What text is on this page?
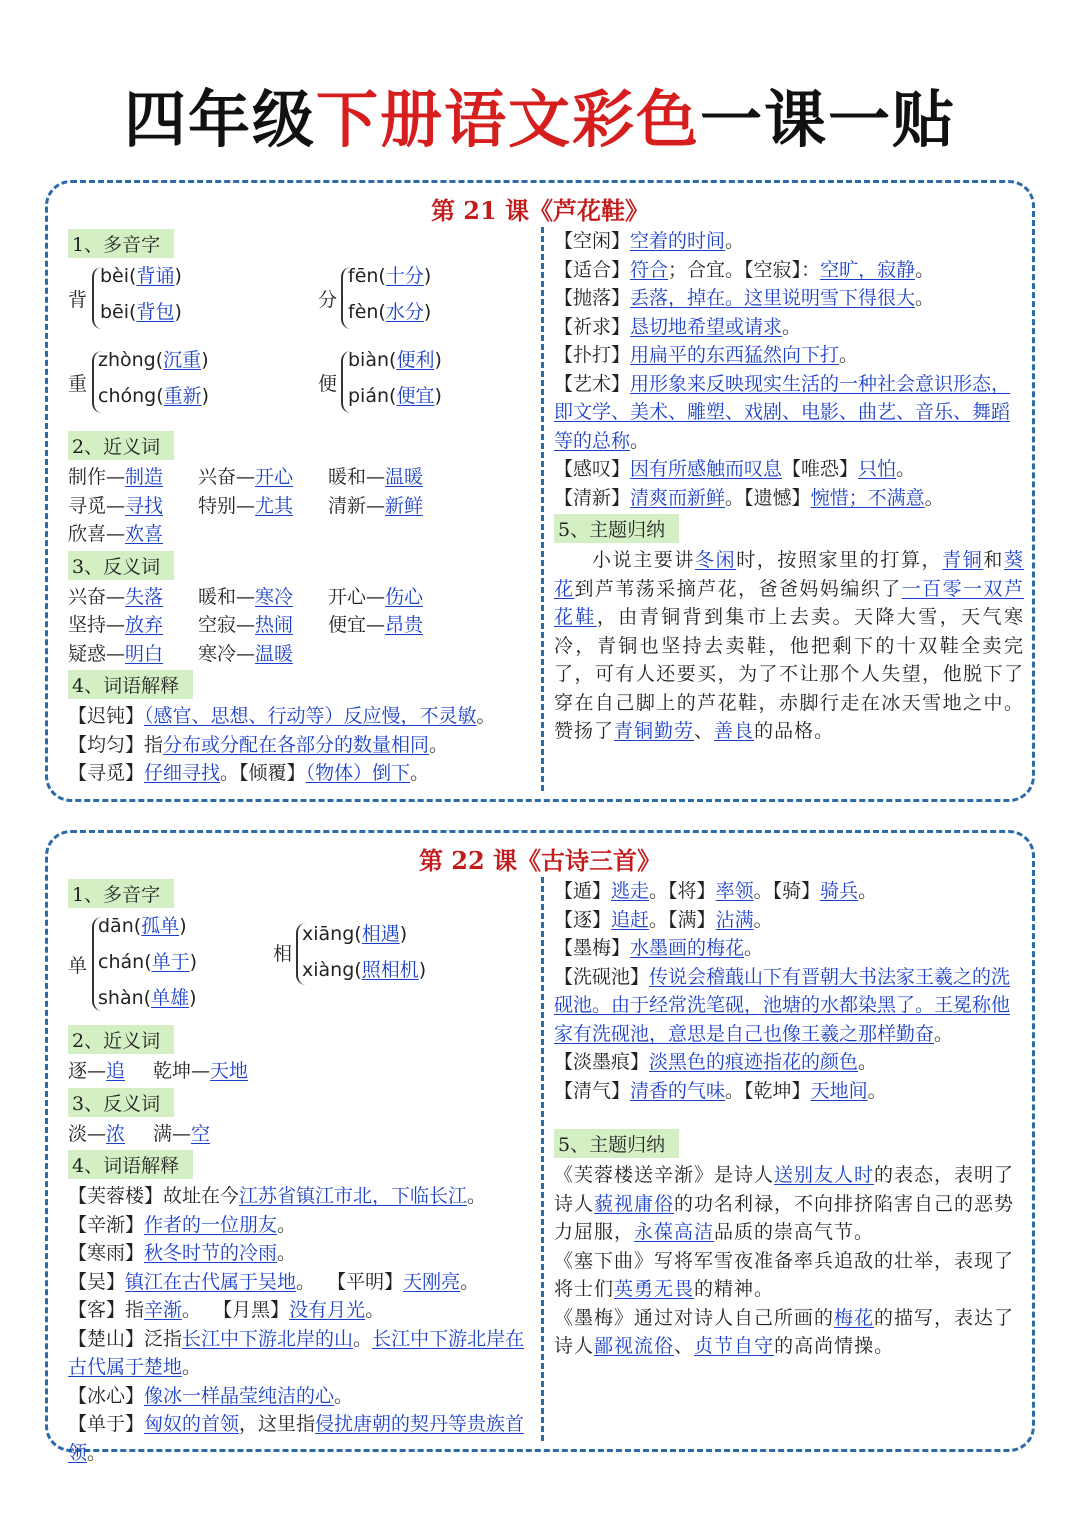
四年级下册语文彩色一课一贴
第 21 课《芦花鞋》
1、多音字
背
bèi(背诵)
bēi(背包)
分
fēn(十分)
fèn(水分)
重
zhòng(沉重)
chóng(重新)
便
biàn(便利)
pián(便宜)
2、近义词
制作—制造 兴奋—开心 暖和—温暖
寻觅—寻找 特别—尤其 清新—新鲜
欣喜—欢喜
3、反义词
兴奋—失落 暖和—寒冷 开心—伤心
坚持—放弃 空寂—热闹 便宜—昂贵
疑惑—明白 寒冷—温暖
4、词语解释
【迟钝】（感官、思想、行动等）反应慢，不灵敏。
【均匀】指分布或分配在各部分的数量相同。
【寻觅】仔细寻找。【倾覆】（物体）倒下。
【空闲】空着的时间。
【适合】符合；合宜。【空寂】：空旷，寂静。
【抛落】丢落，掉在。这里说明雪下得很大。
【祈求】恳切地希望或请求。
【扑打】用扁平的东西猛然向下打。
【艺术】用形象来反映现实生活的一种社会意识形态，即文学、美术、雕塑、戏剧、电影、曲艺、音乐、舞蹈等的总称。
【感叹】因有所感触而叹息【唯恐】只怕。
【清新】清爽而新鲜。【遗憾】惋惜；不满意。
5、主题归纳
小说主要讲冬闲时，按照家里的打算，青铜和葵花到芦苇荡采摘芦花，爸爸妈妈编织了一百零一双芦花鞋，由青铜背到集市上去卖。天降大雪，天气寒冷，青铜也坚持去卖鞋，他把剩下的十双鞋全卖完了，可有人还要买，为了不让那个人失望，他脱下了穿在自己脚上的芦花鞋，赤脚行走在冰天雪地之中。赞扬了青铜勤劳、善良的品格。
第 22 课《古诗三首》
1、多音字
单
dān(孤单)
chán(单于)
shàn(单雄)
相
xiāng(相遇)
xiàng(照相机)
2、近义词
逐—追 乾坤—天地
3、反义词
淡—浓 满—空
4、词语解释
【芙蓉楼】故址在今江苏省镇江市北，下临长江。
【辛渐】作者的一位朋友。
【寒雨】秋冬时节的冷雨。
【吴】镇江在古代属于吴地。 【平明】天刚亮。
【客】指辛渐。 【月黑】没有月光。
【楚山】泛指长江中下游北岸的山。长江中下游北岸在古代属于楚地。
【冰心】像冰一样晶莹纯洁的心。
【单于】匈奴的首领，这里指侵扰唐朝的契丹等贵族首领。
【遁】逃走。【将】率领。【骑】骑兵。
【逐】追赶。【满】沾满。
【墨梅】水墨画的梅花。
【洗砚池】传说会稽蕺山下有晋朝大书法家王羲之的洗砚池。由于经常洗笔砚，池塘的水都染黑了。王冕称他家有洗砚池，意思是自己也像王羲之那样勤奋。
【淡墨痕】淡黑色的痕迹指花的颜色。
【清气】清香的气味。【乾坤】天地间。
5、主题归纳
《芙蓉楼送辛渐》是诗人送别友人时的表态，表明了诗人藐视庸俗的功名利禄，不向排挤陷害自己的恶势力屈服，永葆高洁品质的崇高气节。
《塞下曲》写将军雪夜准备率兵追敌的壮举，表现了将士们英勇无畏的精神。
《墨梅》通过对诗人自己所画的梅花的描写，表达了诗人鄙视流俗、贞节自守的高尚情操。
